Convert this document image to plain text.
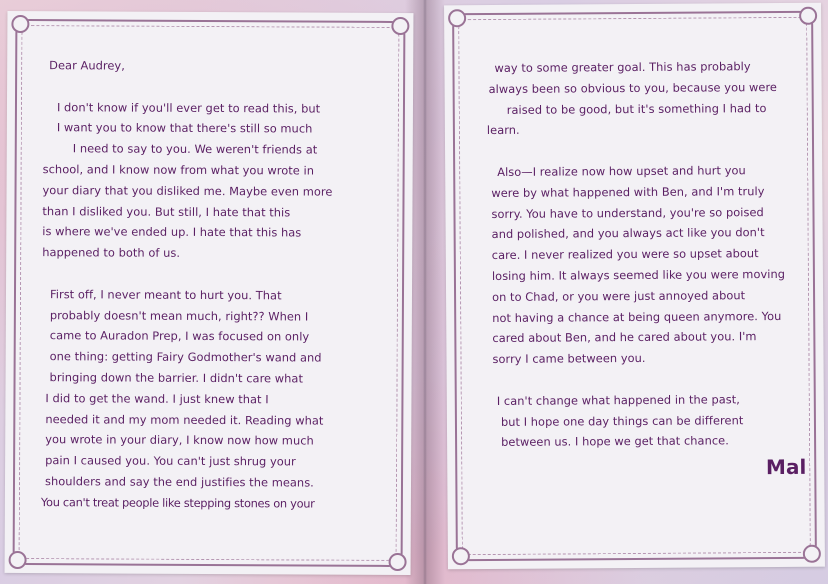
Dear Audrey,
I don't know if you'll ever get to read this, but
I want you to know that there's still so much
I need to say to you. We weren't friends at
school, and I know now from what you wrote in
your diary that you disliked me. Maybe even more
than I disliked you. But still, I hate that this
is where we've ended up. I hate that this has
happened to both of us.
First off, I never meant to hurt you. That
probably doesn't mean much, right?? When I
came to Auradon Prep, I was focused on only
one thing: getting Fairy Godmother's wand and
bringing down the barrier. I didn't care what
I did to get the wand. I just knew that I
needed it and my mom needed it. Reading what
you wrote in your diary, I know now how much
pain I caused you. You can't just shrug your
shoulders and say the end justifies the means.
You can't treat people like stepping stones on your
way to some greater goal. This has probably
always been so obvious to you, because you were
raised to be good, but it's something I had to
learn.
Also—I realize now how upset and hurt you
were by what happened with Ben, and I'm truly
sorry. You have to understand, you're so poised
and polished, and you always act like you don't
care. I never realized you were so upset about
losing him. It always seemed like you were moving
on to Chad, or you were just annoyed about
not having a chance at being queen anymore. You
cared about Ben, and he cared about you. I'm
sorry I came between you.
I can't change what happened in the past,
but I hope one day things can be different
between us. I hope we get that chance.
Mal
